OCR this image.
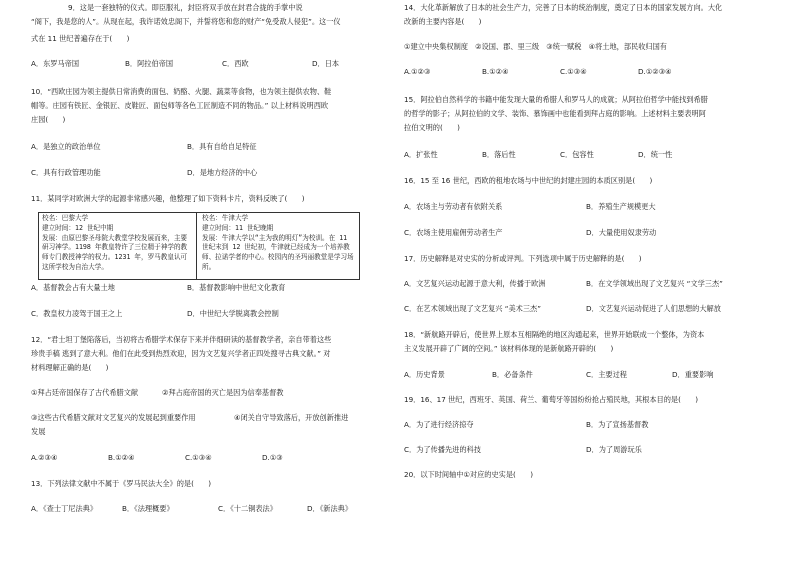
9．这是一套独特的仪式。即臣服礼，封臣将双手放在封君合拢的手掌中说
“阁下，我是您的人”。从现在起，我许诺效忠阁下，并誓将您和您的财产“免受敌人侵犯”。这一仪
式在 11 世纪普遍存在于(　　)
A．东罗马帝国	B．阿拉伯帝国	C．西欧	D．日本
10．“西欧庄园为领主提供日常消费的面包、奶酪、火腿、蔬菜等食物，也为领主提供农物、鞋
帽等。庄园有铁匠、金银匠、皮鞋匠、面包师等各色工匠制造不同的物品。” 以上材料说明西欧
庄园(　　)
A．是独立的政治单位	B．具有自给自足特征
C．具有行政管理功能	D．是地方经济的中心
11．某同学对欧洲大学的起源非常感兴趣，他整理了如下资料卡片，资料反映了(　　)
校名：巴黎大学
建立时间：12 世纪中期
发展：由原巴黎圣母院大教堂学校发展而来，主要研习神学。1198 年教皇特许了三位精于神学的教师专门教授神学的权力。1231 年，罗马教皇认可这所学校为自治大学。
校名：牛津大学
建立时间：11 世纪晚期
发展：牛津大学以“主为我的明灯”为校训。在 11 世纪末到 12 世纪初，牛津就已经成为一个培养教师、拉诺学者的中心。校园内的圣玛丽教堂是学习场所。
A．基督教会占有大量土地	B．基督教影响中世纪文化教育
C．教皇权力凌驾于国王之上	D．中世纪大学脱离教会控制
12．“君士坦丁堡陷落后，当初将古希腊学术保存下来并伴细研读的基督教学者，亲自带着这些
珍贵手稿 逃到了意大利。他们在此受到热烈欢迎，因为文艺复兴学者正四处搜寻古典文献。” 对
材料理解正确的是(　　)
①拜占廷帝国保存了古代希腊文献	②拜占庭帝国的灭亡是因为信奉基督教
③这些古代希腊文献对文艺复兴的发展起到重要作用	④闭关自守导致落后，开放创新推进
发展
A.②③④	B.①②④	C.①③④	D.①③
13．下列法律文献中不属于《罗马民法大全》的是(　　)
A．《查士丁尼法典》	B．《法理概要》	C．《十二铜表法》	D．《新法典》
14．大化革新解放了日本的社会生产力，完善了日本的统治制度，奠定了日本的国家发展方向。大化
改新的主要内容是(　　)
①建立中央集权制度　②设国、郡、里三级　③统一赋税　④将土地，部民收归国有
A.①②③	B.①②④	C.①③④	D.①②③④
15．阿拉伯自然科学的书籍中能发现大量的希腊人和罗马人的成就；从阿拉伯哲学中能找到希腊
的哲学的影子；从阿拉伯的文学、装饰、慕饰画中也能看到拜占庭的影响。上述材料主要表明阿
拉伯文明的(　　)
A．扩张性	B．落后性	C．包容性	D．统一性
16．15 至 16 世纪，西欧的租地农场与中世纪的封建庄园的本质区别是(　　)
A．农场主与劳动者有依附关系	B．养殖生产规模更大
C．农场主使用雇佣劳动者生产	D．大量使用奴隶劳动
17．历史解释是对史实的分析或评判。下列选项中属于历史解释的是(　　)
A．文艺复兴运动起源于意大利，传播于欧洲	B．在文学领域出现了文艺复兴 “文学三杰”
C．在艺术领域出现了文艺复兴 “美术三杰”	D．文艺复兴运动促进了人们思想的大解放
18．“新航路开辟后，使世界上原本互相隔绝的地区沟通起来，世界开始联成一个整体，为资本
主义发展开辟了广阔的空间。” 该材料体现的是新航路开辟的(　　)
A．历史背景	B．必备条件	C．主要过程	D．重要影响
19．16、17 世纪，西班牙、英国、荷兰、葡萄牙等国纷纷抢占殖民地，其根本目的是(　　)
A．为了进行经济掠夺	B．为了宣扬基督教
C．为了传播先进的科技	D．为了周游玩乐
20．以下时间轴中①对应的史实是(　　)
